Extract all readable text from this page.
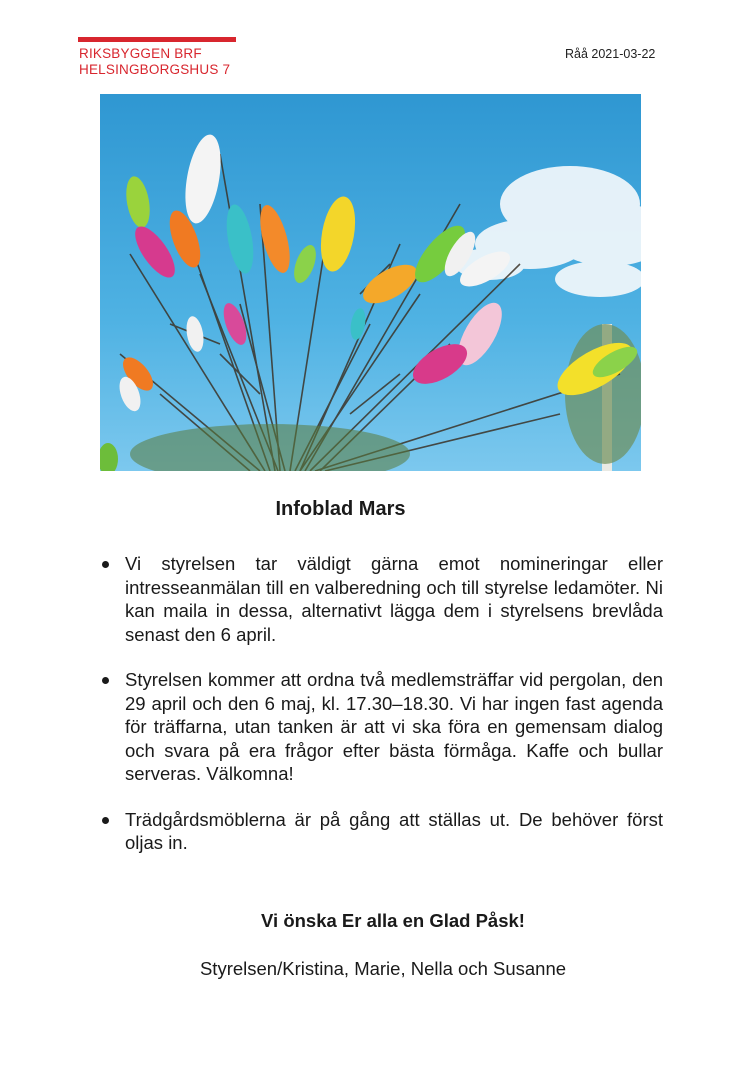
RIKSBYGGEN BRF
HELSINGBORGSHUS 7
Råå 2021-03-22
Infoblad Mars
Vi styrelsen tar väldigt gärna emot nomineringar eller intresseanmälan till en valberedning och till styrelse ledamöter. Ni kan maila in dessa, alternativt lägga dem i styrelsens brevlåda senast den 6 april.
Styrelsen kommer att ordna två medlemsträffar vid pergolan, den 29 april och den 6 maj, kl. 17.30–18.30. Vi har ingen fast agenda för träffarna, utan tanken är att vi ska föra en gemensam dialog och svara på era frågor efter bästa förmåga. Kaffe och bullar serveras. Välkomna!
Trädgårdsmöblerna är på gång att ställas ut. De behöver först oljas in.
Vi önska Er alla en Glad Påsk!
Styrelsen/Kristina, Marie, Nella och Susanne
